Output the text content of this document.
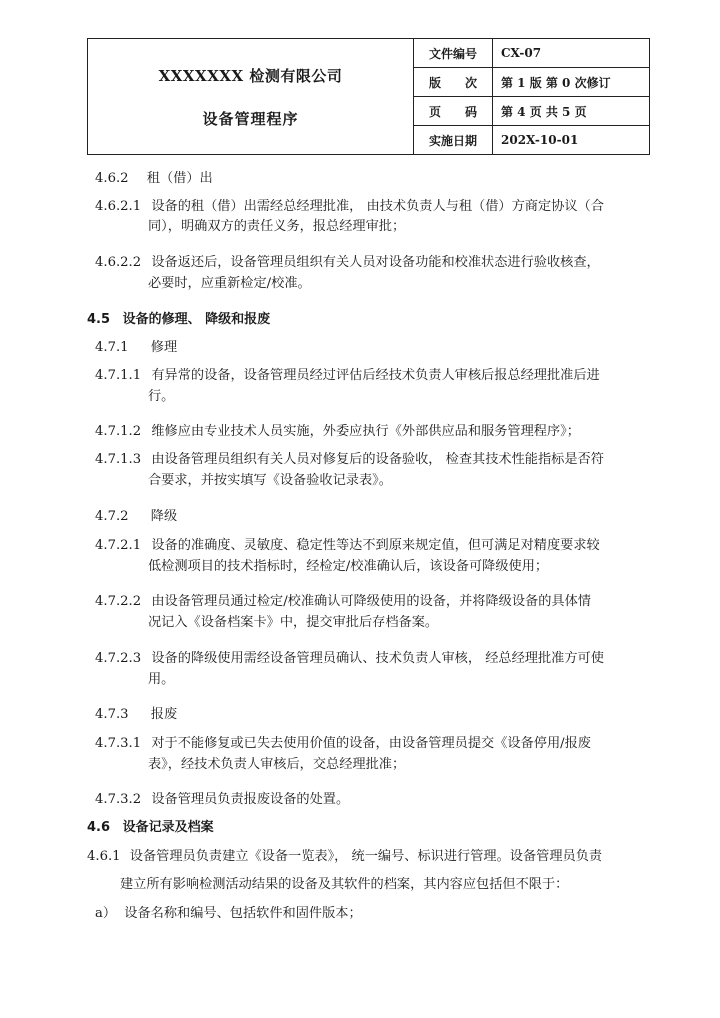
XXXXXXX 检测有限公司
设备管理程序	文件编号	CX-07
	版　　次	第 1 版 第 0 次修订
	页　　码	第 4 页 共 5 页
	实施日期	202X-10-01
4.6.2 租（借）出
4.6.2.1 设备的租（借）出需经总经理批准， 由技术负责人与租（借）方商定协议（合
同），明确双方的责任义务，报总经理审批；
4.6.2.2 设备返还后，设备管理员组织有关人员对设备功能和校准状态进行验收核查，
必要时，应重新检定/校准。
4.5 设备的修理、 降级和报废
4.7.1 修理
4.7.1.1 有异常的设备，设备管理员经过评估后经技术负责人审核后报总经理批准后进
行。
4.7.1.2 维修应由专业技术人员实施，外委应执行《外部供应品和服务管理程序》；
4.7.1.3 由设备管理员组织有关人员对修复后的设备验收， 检查其技术性能指标是否符
合要求，并按实填写《设备验收记录表》。
4.7.2 降级
4.7.2.1 设备的准确度、灵敏度、稳定性等达不到原来规定值，但可满足对精度要求较
低检测项目的技术指标时，经检定/校准确认后，该设备可降级使用；
4.7.2.2 由设备管理员通过检定/校准确认可降级使用的设备，并将降级设备的具体情
况记入《设备档案卡》中，提交审批后存档备案。
4.7.2.3 设备的降级使用需经设备管理员确认、技术负责人审核， 经总经理批准方可使
用。
4.7.3 报废
4.7.3.1 对于不能修复或已失去使用价值的设备，由设备管理员提交《设备停用/报废
表》，经技术负责人审核后，交总经理批准；
4.7.3.2 设备管理员负责报废设备的处置。
4.6 设备记录及档案
4.6.1 设备管理员负责建立《设备一览表》， 统一编号、标识进行管理。设备管理员负责
建立所有影响检测活动结果的设备及其软件的档案，其内容应包括但不限于：
a） 设备名称和编号、包括软件和固件版本；
